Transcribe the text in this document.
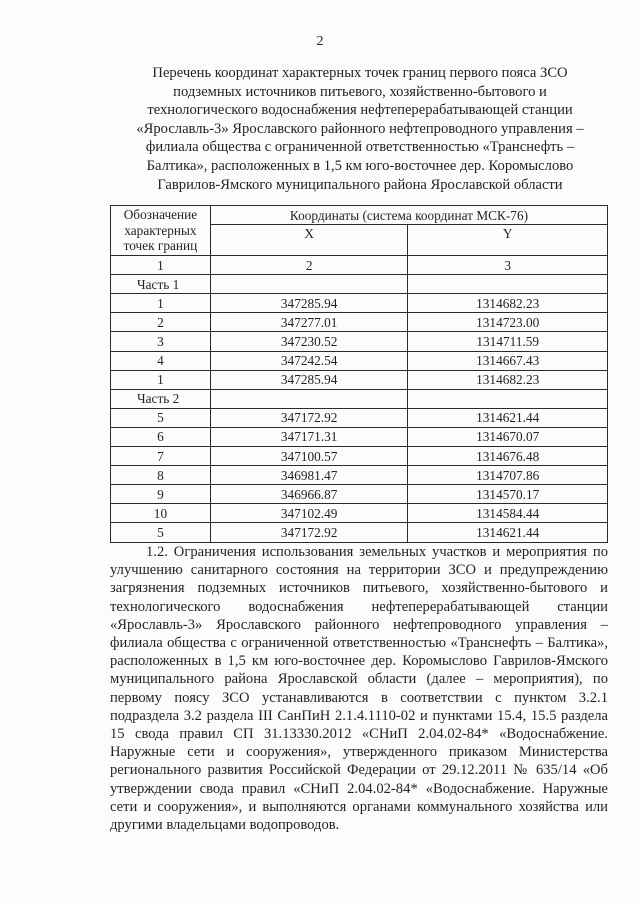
2
Перечень координат характерных точек границ первого пояса ЗСО
подземных источников питьевого, хозяйственно-бытового и
технологического водоснабжения нефтеперерабатывающей станции
«Ярославль-3» Ярославского районного нефтепроводного управления –
филиала общества с ограниченной ответственностью «Транснефть –
Балтика», расположенных в 1,5 км юго-восточнее дер. Коромыслово
Гаврилов-Ямского муниципального района Ярославской области
Обозначение характерных точек границ	Координаты (система координат МСК-76)	
	X	Y
1	2	3
Часть 1		
1	347285.94	1314682.23
2	347277.01	1314723.00
3	347230.52	1314711.59
4	347242.54	1314667.43
1	347285.94	1314682.23
Часть 2		
5	347172.92	1314621.44
6	347171.31	1314670.07
7	347100.57	1314676.48
8	346981.47	1314707.86
9	346966.87	1314570.17
10	347102.49	1314584.44
5	347172.92	1314621.44
1.2. Ограничения использования земельных участков и мероприятия по улучшению санитарного состояния на территории ЗСО и предупреждению загрязнения подземных источников питьевого, хозяйственно-бытового и технологического водоснабжения нефтеперерабатывающей станции «Ярославль-3» Ярославского районного нефтепроводного управления – филиала общества с ограниченной ответственностью «Транснефть – Балтика», расположенных в 1,5 км юго-восточнее дер. Коромыслово Гаврилов-Ямского муниципального района Ярославской области (далее – мероприятия), по первому поясу ЗСО устанавливаются в соответствии с пунктом 3.2.1 подраздела 3.2 раздела III СанПиН 2.1.4.1110-02 и пунктами 15.4, 15.5 раздела 15 свода правил СП 31.13330.2012 «СНиП 2.04.02-84* «Водоснабжение. Наружные сети и сооружения», утвержденного приказом Министерства регионального развития Российской Федерации от 29.12.2011 № 635/14 «Об утверждении свода правил «СНиП 2.04.02-84* «Водоснабжение. Наружные сети и сооружения», и выполняются органами коммунального хозяйства или другими владельцами водопроводов.
